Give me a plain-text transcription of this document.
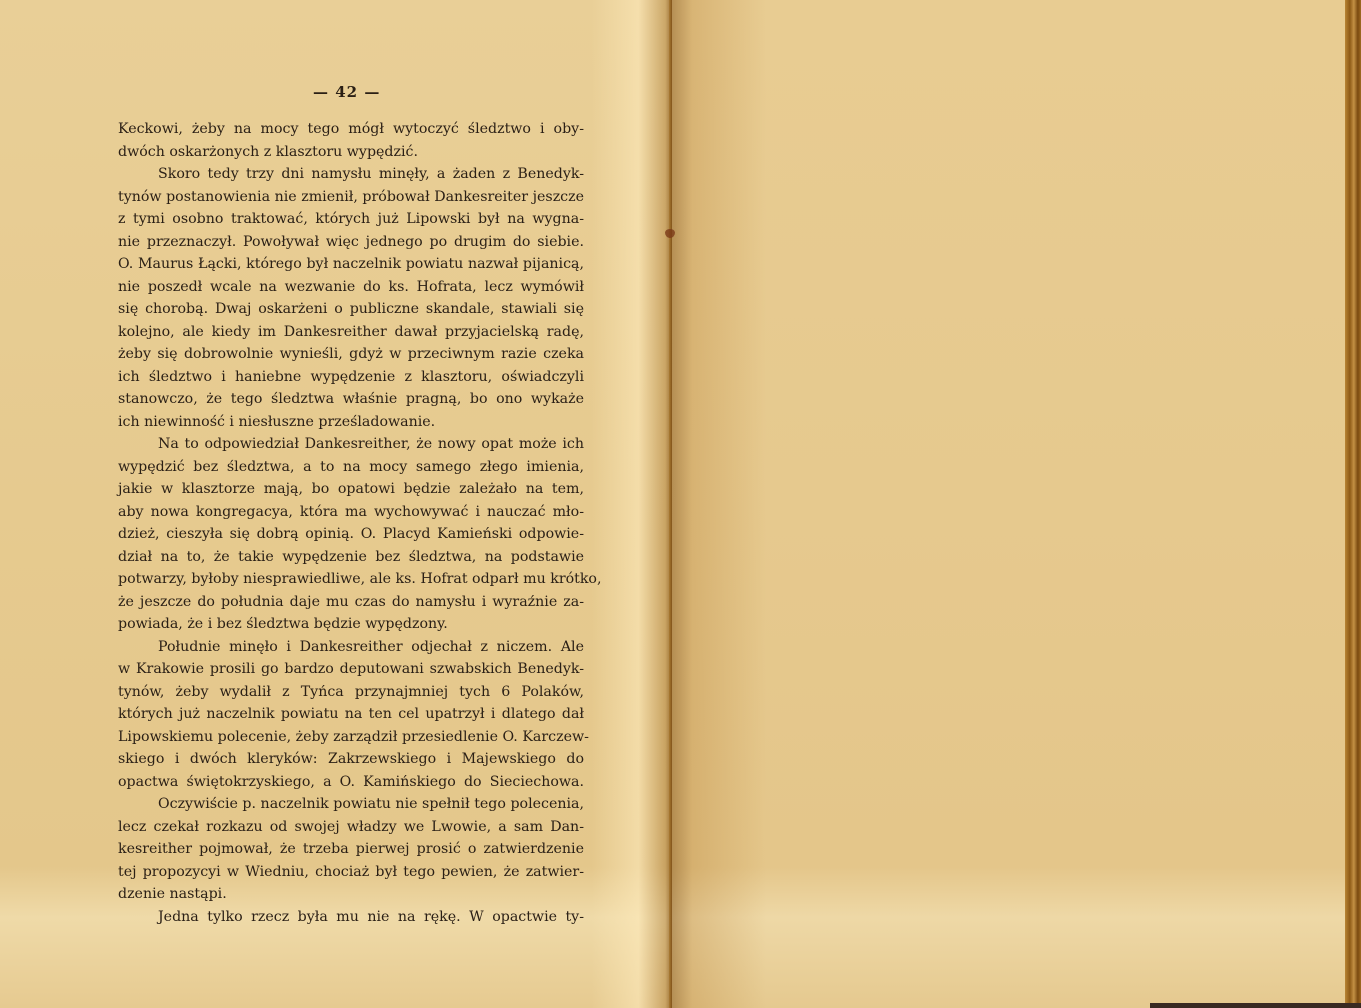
— 42 —
Keckowi, żeby na mocy tego mógł wytoczyć śledztwo i oby-
dwóch oskarżonych z klasztoru wypędzić.
Skoro tedy trzy dni namysłu minęły, a żaden z Benedyk-
tynów postanowienia nie zmienił, próbował Dankesreiter jeszcze
z tymi osobno traktować, których już Lipowski był na wygna-
nie przeznaczył. Powoływał więc jednego po drugim do siebie.
O. Maurus Łącki, którego był naczelnik powiatu nazwał pijanicą,
nie poszedł wcale na wezwanie do ks. Hofrata, lecz wymówił
się chorobą. Dwaj oskarżeni o publiczne skandale, stawiali się
kolejno, ale kiedy im Dankesreither dawał przyjacielską radę,
żeby się dobrowolnie wynieśli, gdyż w przeciwnym razie czeka
ich śledztwo i haniebne wypędzenie z klasztoru, oświadczyli
stanowczo, że tego śledztwa właśnie pragną, bo ono wykaże
ich niewinność i niesłuszne prześladowanie.
Na to odpowiedział Dankesreither, że nowy opat może ich
wypędzić bez śledztwa, a to na mocy samego złego imienia,
jakie w klasztorze mają, bo opatowi będzie zależało na tem,
aby nowa kongregacya, która ma wychowywać i nauczać mło-
dzież, cieszyła się dobrą opinią. O. Placyd Kamieński odpowie-
dział na to, że takie wypędzenie bez śledztwa, na podstawie
potwarzy, byłoby niesprawiedliwe, ale ks. Hofrat odparł mu krótko,
że jeszcze do południa daje mu czas do namysłu i wyraźnie za-
powiada, że i bez śledztwa będzie wypędzony.
Południe minęło i Dankesreither odjechał z niczem. Ale
w Krakowie prosili go bardzo deputowani szwabskich Benedyk-
tynów, żeby wydalił z Tyńca przynajmniej tych 6 Polaków,
których już naczelnik powiatu na ten cel upatrzył i dlatego dał
Lipowskiemu polecenie, żeby zarządził przesiedlenie O. Karczew-
skiego i dwóch kleryków: Zakrzewskiego i Majewskiego do
opactwa świętokrzyskiego, a O. Kamińskiego do Sieciechowa.
Oczywiście p. naczelnik powiatu nie spełnił tego polecenia,
lecz czekał rozkazu od swojej władzy we Lwowie, a sam Dan-
kesreither pojmował, że trzeba pierwej prosić o zatwierdzenie
tej propozycyi w Wiedniu, chociaż był tego pewien, że zatwier-
dzenie nastąpi.
Jedna tylko rzecz była mu nie na rękę. W opactwie ty-
